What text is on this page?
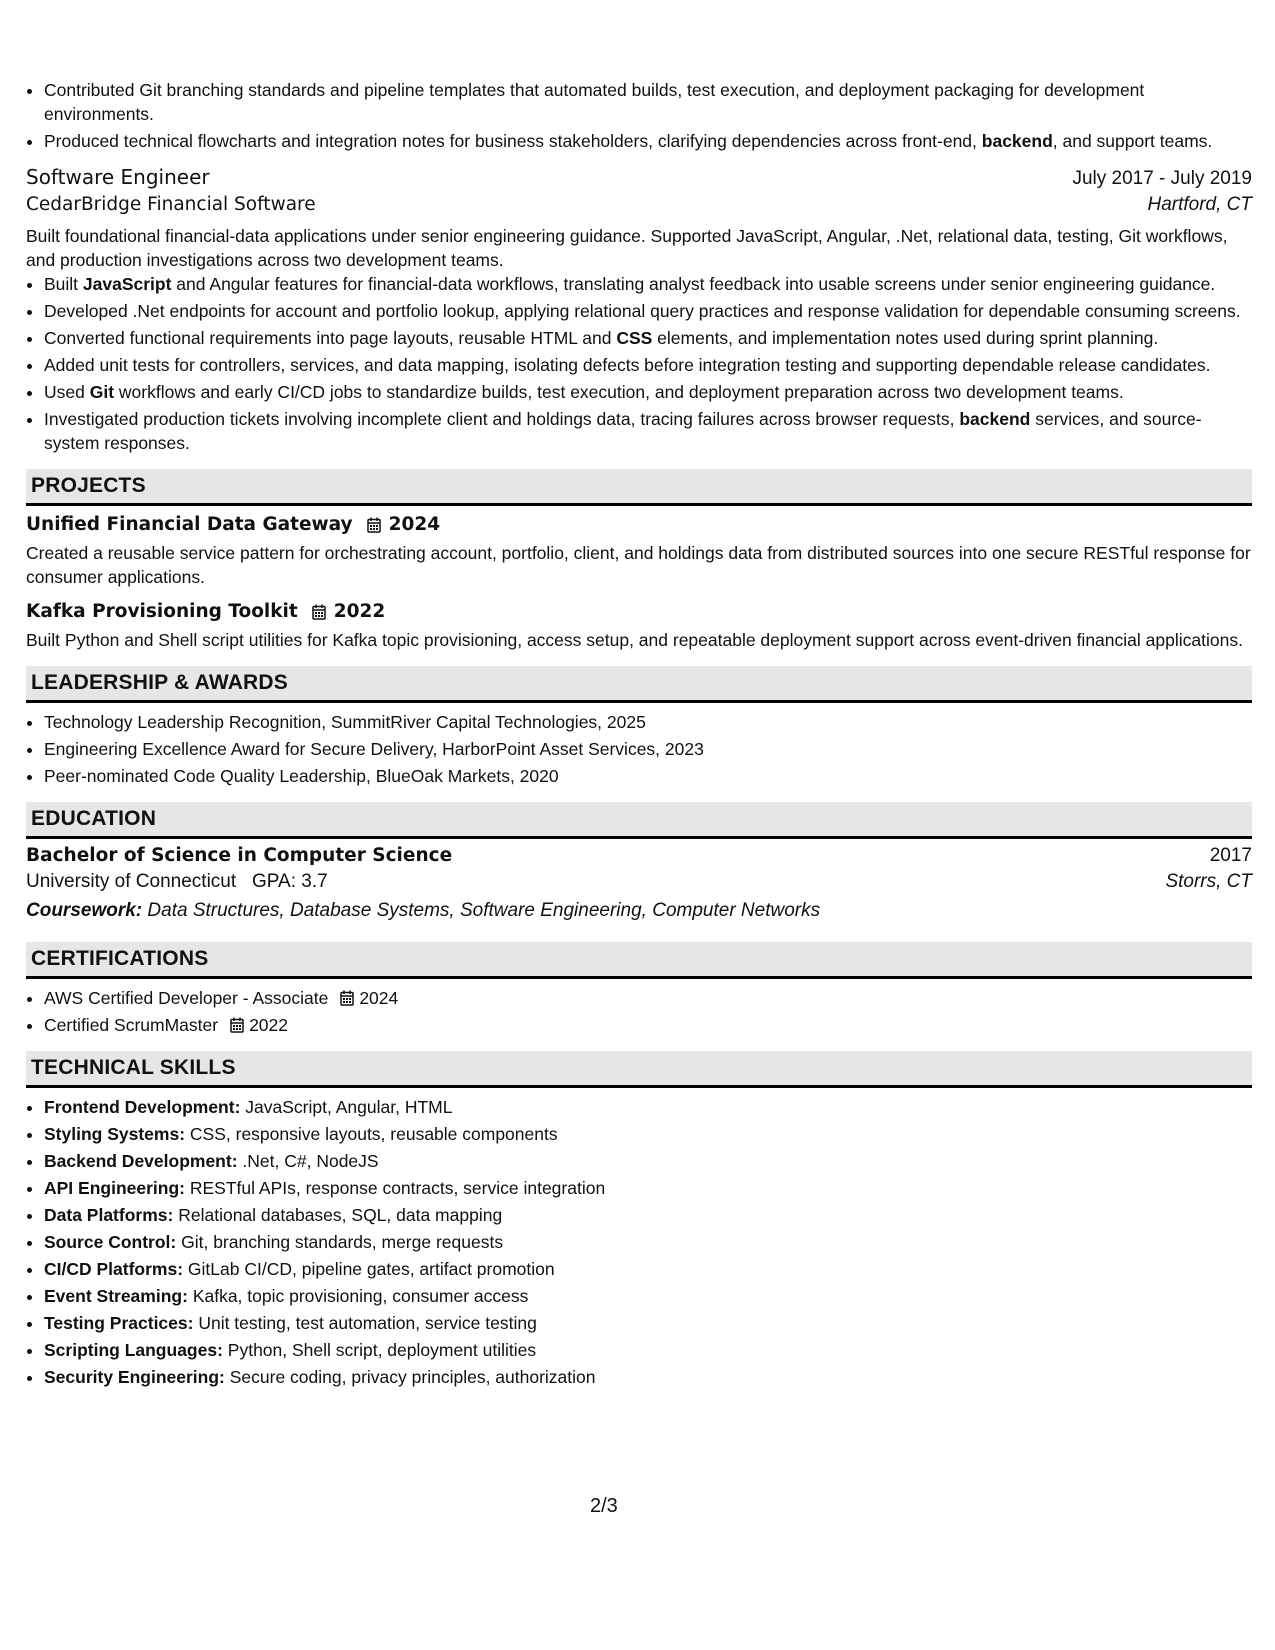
• Contributed Git branching standards and pipeline templates that automated builds, test execution, and deployment packaging for development environments.
• Produced technical flowcharts and integration notes for business stakeholders, clarifying dependencies across front-end, backend, and support teams.
Software Engineer	July 2017 - July 2019
CedarBridge Financial Software	Hartford, CT
Built foundational financial-data applications under senior engineering guidance. Supported JavaScript, Angular, .Net, relational data, testing, Git workflows, and production investigations across two development teams.
• Built JavaScript and Angular features for financial-data workflows, translating analyst feedback into usable screens under senior engineering guidance.
• Developed .Net endpoints for account and portfolio lookup, applying relational query practices and response validation for dependable consuming screens.
• Converted functional requirements into page layouts, reusable HTML and CSS elements, and implementation notes used during sprint planning.
• Added unit tests for controllers, services, and data mapping, isolating defects before integration testing and supporting dependable release candidates.
• Used Git workflows and early CI/CD jobs to standardize builds, test execution, and deployment preparation across two development teams.
• Investigated production tickets involving incomplete client and holdings data, tracing failures across browser requests, backend services, and source-system responses.
PROJECTS
Unified Financial Data Gateway 2024
Created a reusable service pattern for orchestrating account, portfolio, client, and holdings data from distributed sources into one secure RESTful response for consumer applications.
Kafka Provisioning Toolkit 2022
Built Python and Shell script utilities for Kafka topic provisioning, access setup, and repeatable deployment support across event-driven financial applications.
LEADERSHIP & AWARDS
• Technology Leadership Recognition, SummitRiver Capital Technologies, 2025
• Engineering Excellence Award for Secure Delivery, HarborPoint Asset Services, 2023
• Peer-nominated Code Quality Leadership, BlueOak Markets, 2020
EDUCATION
Bachelor of Science in Computer Science	2017
University of Connecticut GPA: 3.7	Storrs, CT
Coursework: Data Structures, Database Systems, Software Engineering, Computer Networks
CERTIFICATIONS
• AWS Certified Developer - Associate 2024
• Certified ScrumMaster 2022
TECHNICAL SKILLS
• Frontend Development: JavaScript, Angular, HTML
• Styling Systems: CSS, responsive layouts, reusable components
• Backend Development: .Net, C#, NodeJS
• API Engineering: RESTful APIs, response contracts, service integration
• Data Platforms: Relational databases, SQL, data mapping
• Source Control: Git, branching standards, merge requests
• CI/CD Platforms: GitLab CI/CD, pipeline gates, artifact promotion
• Event Streaming: Kafka, topic provisioning, consumer access
• Testing Practices: Unit testing, test automation, service testing
• Scripting Languages: Python, Shell script, deployment utilities
• Security Engineering: Secure coding, privacy principles, authorization
2/3
